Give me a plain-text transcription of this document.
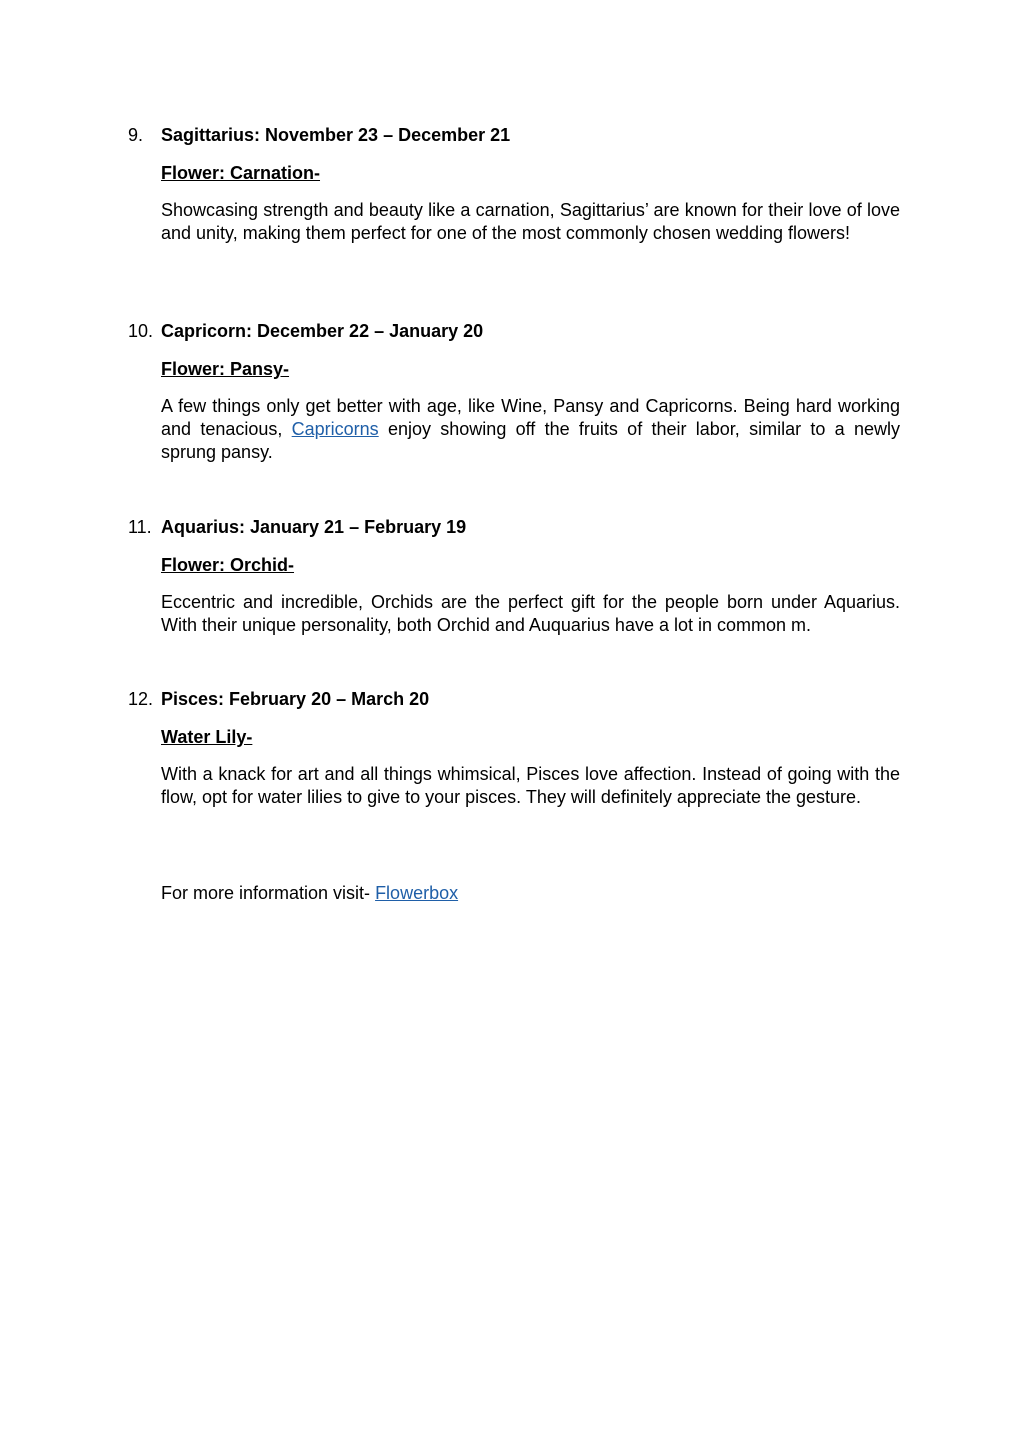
9. Sagittarius: November 23 – December 21

Flower: Carnation-

Showcasing strength and beauty like a carnation, Sagittarius’ are known for their love of love and unity, making them perfect for one of the most commonly chosen wedding flowers!

10. Capricorn: December 22 – January 20

Flower: Pansy-

A few things only get better with age, like Wine, Pansy and Capricorns. Being hard working and tenacious, Capricorns enjoy showing off the fruits of their labor, similar to a newly sprung pansy.

11. Aquarius: January 21 – February 19

Flower: Orchid-

Eccentric and incredible, Orchids are the perfect gift for the people born under Aquarius. With their unique personality, both Orchid and Auquarius have a lot in common m.

12. Pisces: February 20 – March 20

Water Lily-

With a knack for art and all things whimsical, Pisces love affection. Instead of going with the flow, opt for water lilies to give to your pisces. They will definitely appreciate the gesture.

For more information visit- Flowerbox
